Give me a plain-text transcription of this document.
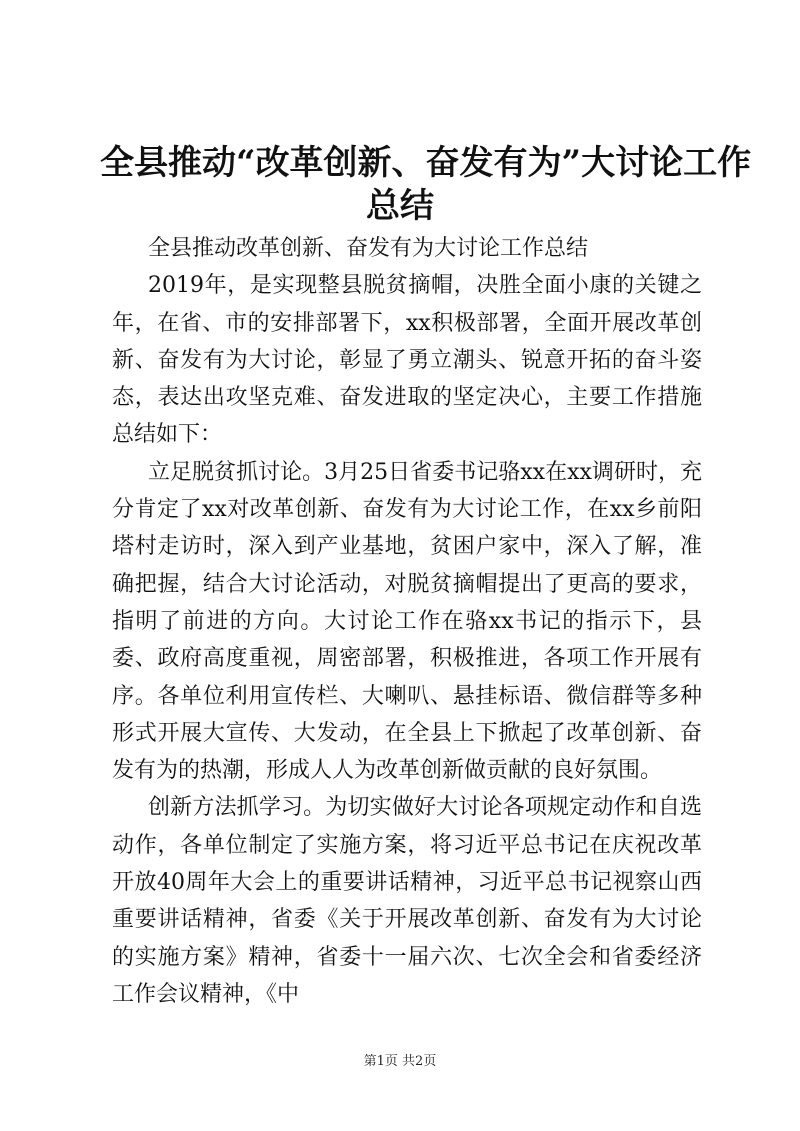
全县推动“改革创新、奋发有为”大讨论工作
总结

全县推动改革创新、奋发有为大讨论工作总结

2019年，是实现整县脱贫摘帽，决胜全面小康的关键之年，在省、市的安排部署下，xx积极部署，全面开展改革创新、奋发有为大讨论，彰显了勇立潮头、锐意开拓的奋斗姿态，表达出攻坚克难、奋发进取的坚定决心，主要工作措施总结如下：

立足脱贫抓讨论。3月25日省委书记骆xx在xx调研时，充分肯定了xx对改革创新、奋发有为大讨论工作，在xx乡前阳塔村走访时，深入到产业基地，贫困户家中，深入了解，准确把握，结合大讨论活动，对脱贫摘帽提出了更高的要求，指明了前进的方向。大讨论工作在骆xx书记的指示下，县委、政府高度重视，周密部署，积极推进，各项工作开展有序。各单位利用宣传栏、大喇叭、悬挂标语、微信群等多种形式开展大宣传、大发动，在全县上下掀起了改革创新、奋发有为的热潮，形成人人为改革创新做贡献的良好氛围。

创新方法抓学习。为切实做好大讨论各项规定动作和自选动作，各单位制定了实施方案，将习近平总书记在庆祝改革开放40周年大会上的重要讲话精神，习近平总书记视察山西重要讲话精神，省委《关于开展改革创新、奋发有为大讨论的实施方案》精神，省委十一届六次、七次全会和省委经济工作会议精神，《中

第1页 共2页
